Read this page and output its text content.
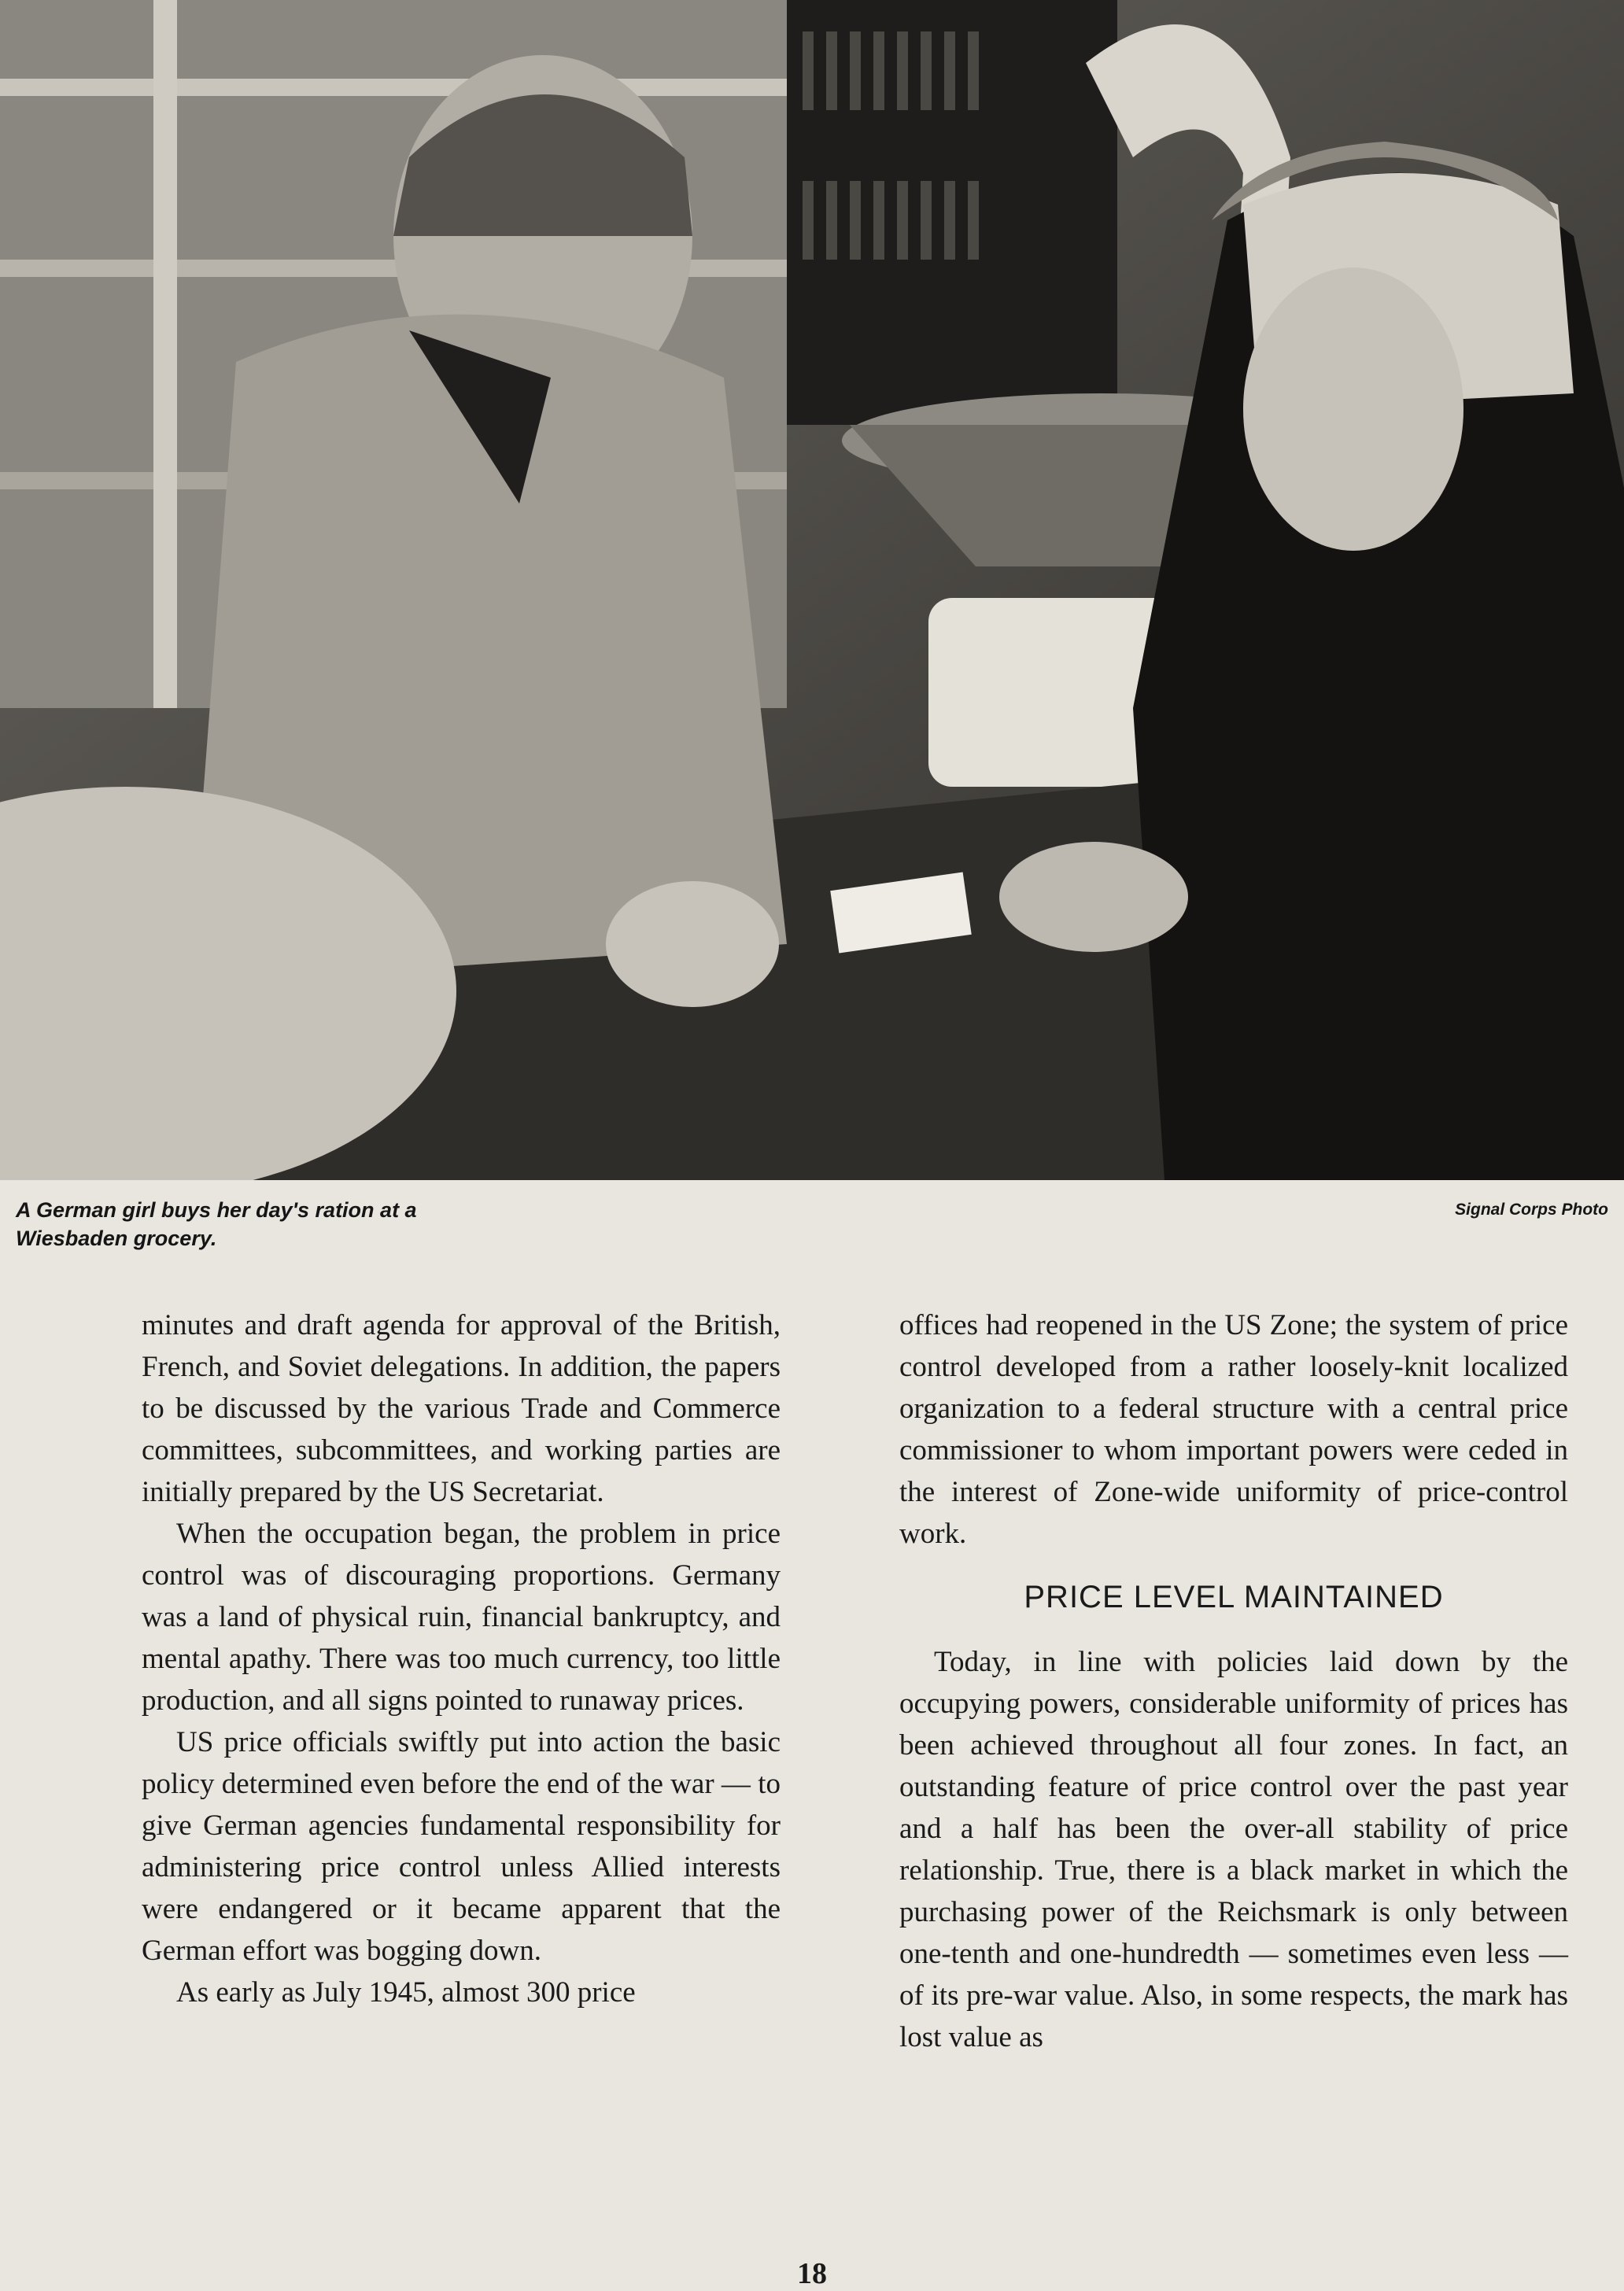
A German girl buys her day's ration at a Wiesbaden grocery.
Signal Corps Photo

minutes and draft agenda for approval of the British, French, and Soviet delegations. In addition, the papers to be discussed by the various Trade and Commerce committees, subcommittees, and working parties are initially prepared by the US Secretariat.

When the occupation began, the problem in price control was of discouraging proportions. Germany was a land of physical ruin, financial bankruptcy, and mental apathy. There was too much currency, too little production, and all signs pointed to runaway prices.

US price officials swiftly put into action the basic policy determined even before the end of the war — to give German agencies fundamental responsibility for administering price control unless Allied interests were endangered or it became apparent that the German effort was bogging down.

As early as July 1945, almost 300 price

offices had reopened in the US Zone; the system of price control developed from a rather loosely-knit localized organization to a federal structure with a central price commissioner to whom important powers were ceded in the interest of Zone-wide uniformity of price-control work.

PRICE LEVEL MAINTAINED

Today, in line with policies laid down by the occupying powers, considerable uniformity of prices has been achieved throughout all four zones. In fact, an outstanding feature of price control over the past year and a half has been the over-all stability of price relationship. True, there is a black market in which the purchasing power of the Reichsmark is only between one-tenth and one-hundredth — sometimes even less — of its pre-war value. Also, in some respects, the mark has lost value as

18
